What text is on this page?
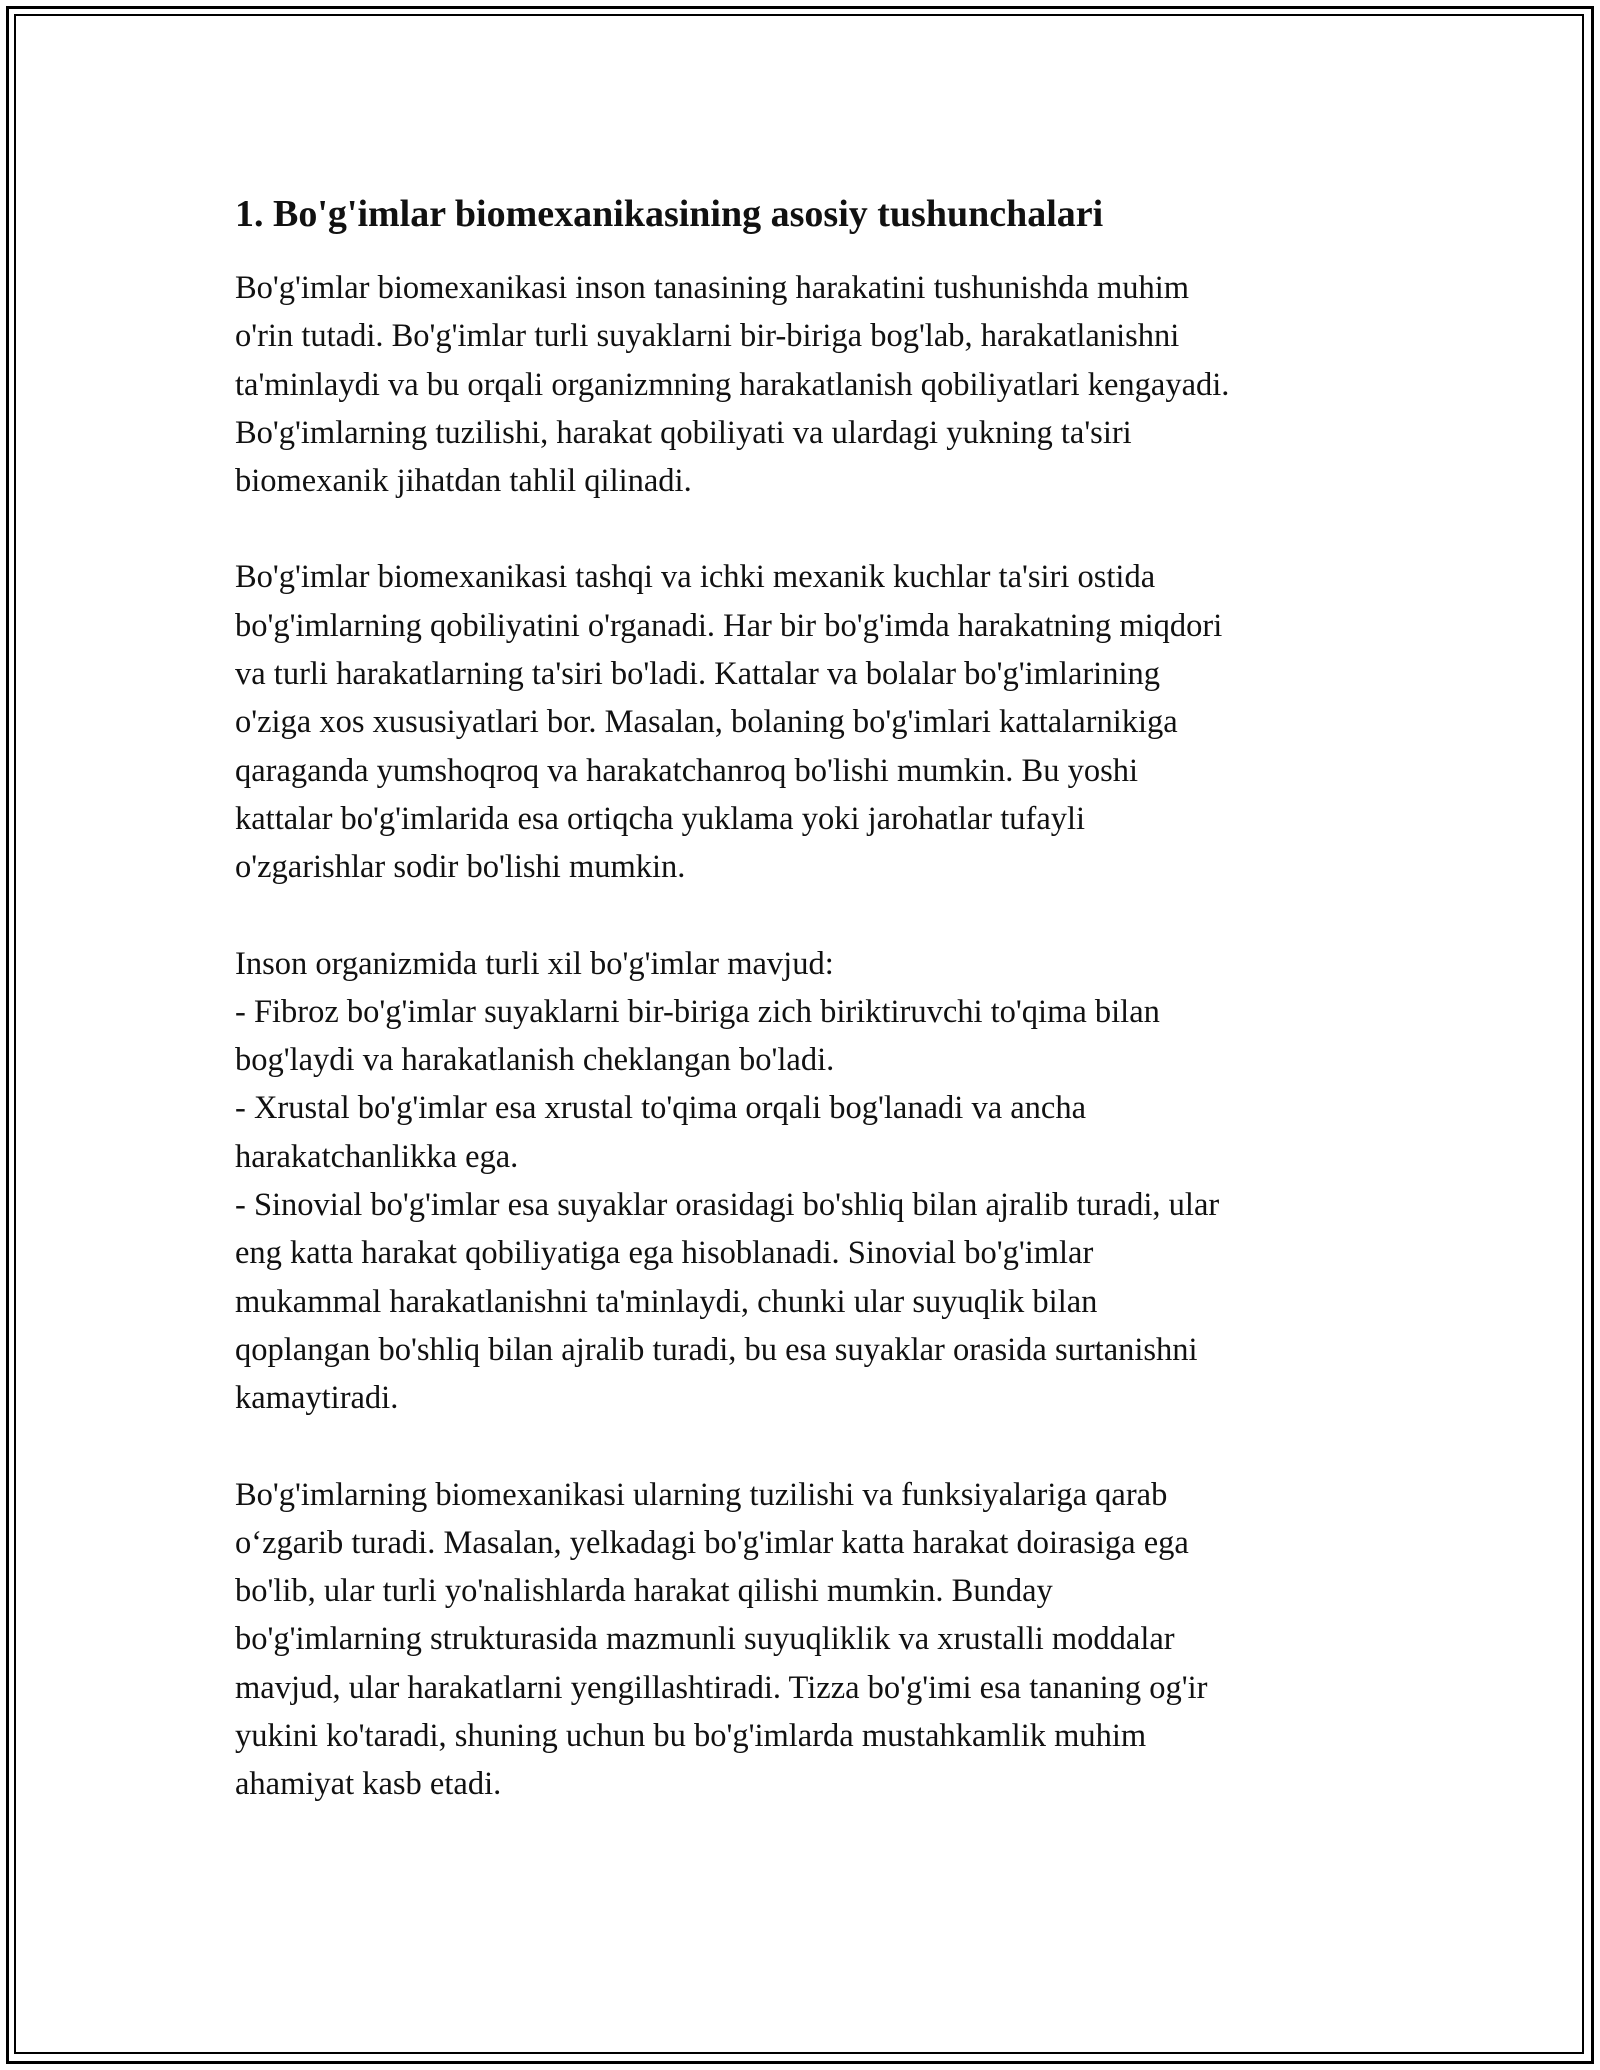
1. Bo'g'imlar biomexanikasining asosiy tushunchalari
Bo'g'imlar biomexanikasi inson tanasining harakatini tushunishda muhim
o'rin tutadi. Bo'g'imlar turli suyaklarni bir-biriga bog'lab, harakatlanishni
ta'minlaydi va bu orqali organizmning harakatlanish qobiliyatlari kengayadi.
Bo'g'imlarning tuzilishi, harakat qobiliyati va ulardagi yukning ta'siri
biomexanik jihatdan tahlil qilinadi.
Bo'g'imlar biomexanikasi tashqi va ichki mexanik kuchlar ta'siri ostida
bo'g'imlarning qobiliyatini o'rganadi. Har bir bo'g'imda harakatning miqdori
va turli harakatlarning ta'siri bo'ladi. Kattalar va bolalar bo'g'imlarining
o'ziga xos xususiyatlari bor. Masalan, bolaning bo'g'imlari kattalarnikiga
qaraganda yumshoqroq va harakatchanroq bo'lishi mumkin. Bu yoshi
kattalar bo'g'imlarida esa ortiqcha yuklama yoki jarohatlar tufayli
o'zgarishlar sodir bo'lishi mumkin.
Inson organizmida turli xil bo'g'imlar mavjud:
- Fibroz bo'g'imlar suyaklarni bir-biriga zich biriktiruvchi to'qima bilan
bog'laydi va harakatlanish cheklangan bo'ladi.
- Xrustal bo'g'imlar esa xrustal to'qima orqali bog'lanadi va ancha
harakatchanlikka ega.
- Sinovial bo'g'imlar esa suyaklar orasidagi bo'shliq bilan ajralib turadi, ular
eng katta harakat qobiliyatiga ega hisoblanadi. Sinovial bo'g'imlar
mukammal harakatlanishni ta'minlaydi, chunki ular suyuqlik bilan
qoplangan bo'shliq bilan ajralib turadi, bu esa suyaklar orasida surtanishni
kamaytiradi.
Bo'g'imlarning biomexanikasi ularning tuzilishi va funksiyalariga qarab
o‘zgarib turadi. Masalan, yelkadagi bo'g'imlar katta harakat doirasiga ega
bo'lib, ular turli yo'nalishlarda harakat qilishi mumkin. Bunday
bo'g'imlarning strukturasida mazmunli suyuqliklik va xrustalli moddalar
mavjud, ular harakatlarni yengillashtiradi. Tizza bo'g'imi esa tananing og'ir
yukini ko'taradi, shuning uchun bu bo'g'imlarda mustahkamlik muhim
ahamiyat kasb etadi.
